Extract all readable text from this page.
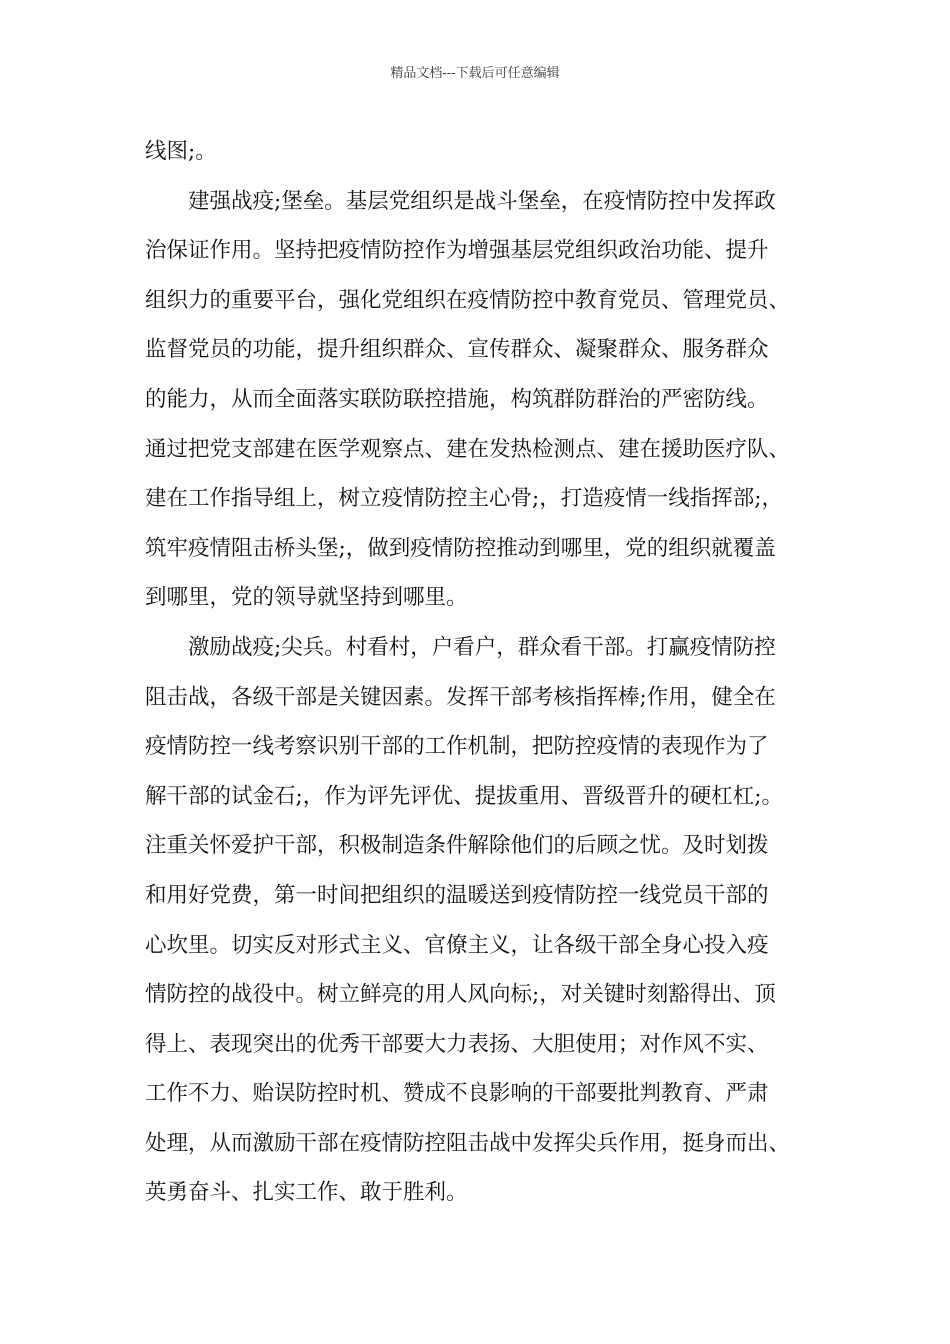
精品文档---下载后可任意编辑
线图;。
建强战疫;堡垒。基层党组织是战斗堡垒，在疫情防控中发挥政
治保证作用。坚持把疫情防控作为增强基层党组织政治功能、提升
组织力的重要平台，强化党组织在疫情防控中教育党员、管理党员、
监督党员的功能，提升组织群众、宣传群众、凝聚群众、服务群众
的能力，从而全面落实联防联控措施，构筑群防群治的严密防线。
通过把党支部建在医学观察点、建在发热检测点、建在援助医疗队、
建在工作指导组上，树立疫情防控主心骨;，打造疫情一线指挥部;，
筑牢疫情阻击桥头堡;，做到疫情防控推动到哪里，党的组织就覆盖
到哪里，党的领导就坚持到哪里。
激励战疫;尖兵。村看村，户看户，群众看干部。打赢疫情防控
阻击战，各级干部是关键因素。发挥干部考核指挥棒;作用，健全在
疫情防控一线考察识别干部的工作机制，把防控疫情的表现作为了
解干部的试金石;，作为评先评优、提拔重用、晋级晋升的硬杠杠;。
注重关怀爱护干部，积极制造条件解除他们的后顾之忧。及时划拨
和用好党费，第一时间把组织的温暖送到疫情防控一线党员干部的
心坎里。切实反对形式主义、官僚主义，让各级干部全身心投入疫
情防控的战役中。树立鲜亮的用人风向标;，对关键时刻豁得出、顶
得上、表现突出的优秀干部要大力表扬、大胆使用；对作风不实、
工作不力、贻误防控时机、赞成不良影响的干部要批判教育、严肃
处理，从而激励干部在疫情防控阻击战中发挥尖兵作用，挺身而出、
英勇奋斗、扎实工作、敢于胜利。
